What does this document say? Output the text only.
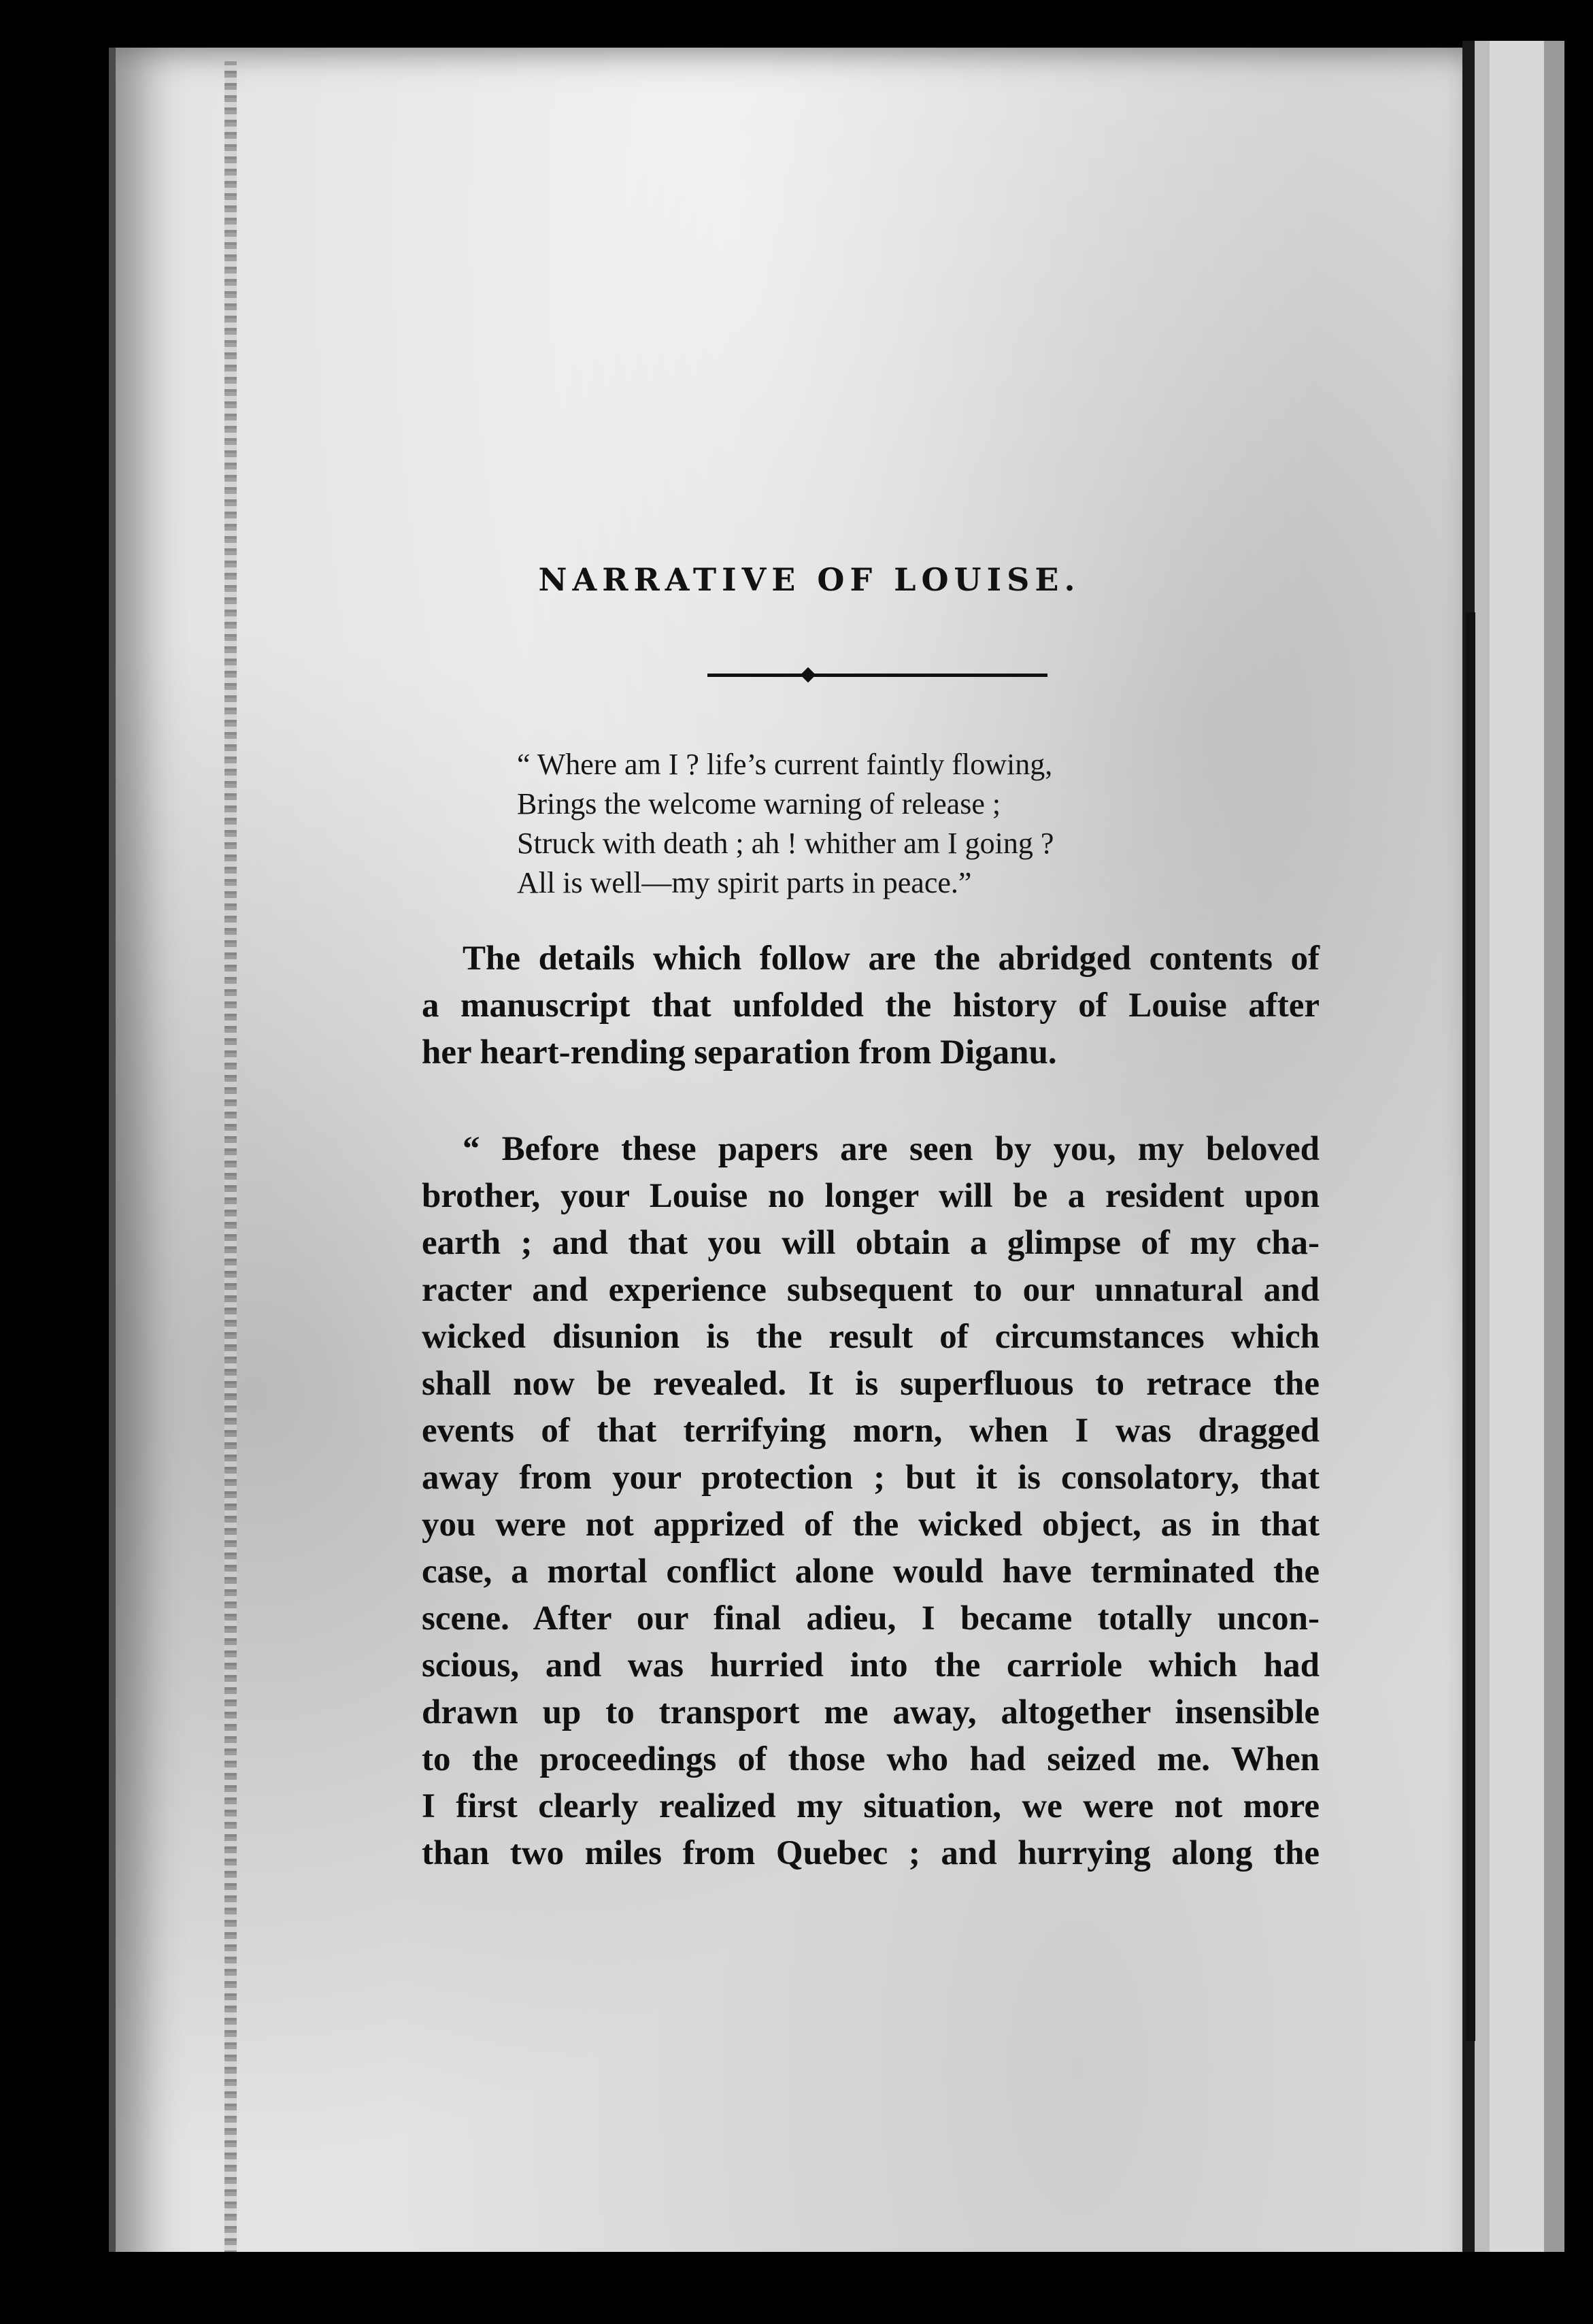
NARRATIVE OF LOUISE.
“ Where am I ? life’s current faintly flowing,
Brings the welcome warning of release ;
Struck with death ; ah ! whither am I going ?
All is well—my spirit parts in peace.”
The details which follow are the abridged contents of
a manuscript that unfolded the history of Louise after
her heart-rending separation from Diganu.
“ Before these papers are seen by you, my beloved
brother, your Louise no longer will be a resident upon
earth ; and that you will obtain a glimpse of my cha-
racter and experience subsequent to our unnatural and
wicked disunion is the result of circumstances which
shall now be revealed. It is superfluous to retrace the
events of that terrifying morn, when I was dragged
away from your protection ; but it is consolatory, that
you were not apprized of the wicked object, as in that
case, a mortal conflict alone would have terminated the
scene. After our final adieu, I became totally uncon-
scious, and was hurried into the carriole which had
drawn up to transport me away, altogether insensible
to the proceedings of those who had seized me. When
I first clearly realized my situation, we were not more
than two miles from Quebec ; and hurrying along the
